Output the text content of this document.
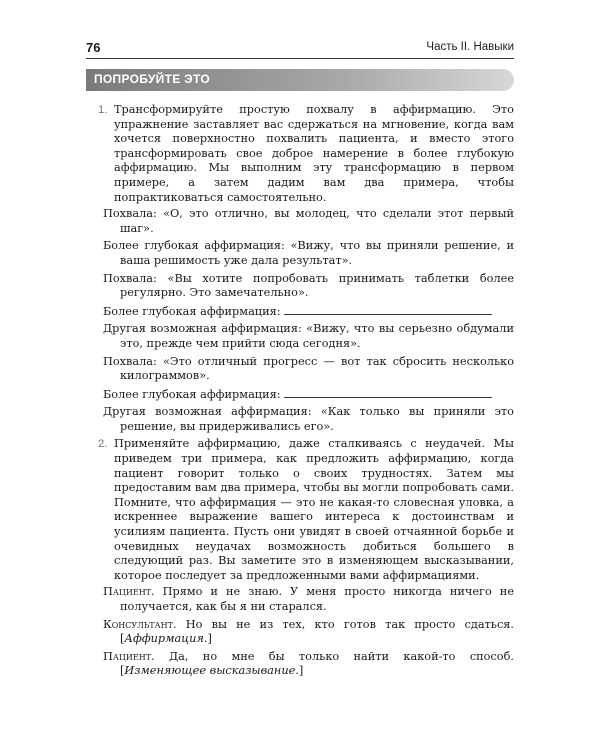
76	Часть II. Навыки
ПОПРОБУЙТЕ ЭТО
1. Трансформируйте простую похвалу в аффирмацию. Это упражнение заставляет вас сдержаться на мгновение, когда вам хочется поверхностно похвалить пациента, и вместо этого трансформировать свое доброе намерение в более глубокую аффирмацию. Мы выполним эту трансформацию в первом примере, а затем дадим вам два примера, чтобы попрактиковаться самостоятельно.

Похвала: «О, это отлично, вы молодец, что сделали этот первый шаг».

Более глубокая аффирмация: «Вижу, что вы приняли решение, и ваша решимость уже дала результат».

Похвала: «Вы хотите попробовать принимать таблетки более регулярно. Это замечательно».

Более глубокая аффирмация:

Другая возможная аффирмация: «Вижу, что вы серьезно обдумали это, прежде чем прийти сюда сегодня».

Похвала: «Это отличный прогресс — вот так сбросить несколько килограммов».

Более глубокая аффирмация:

Другая возможная аффирмация: «Как только вы приняли это решение, вы придерживались его».

2. Применяйте аффирмацию, даже сталкиваясь с неудачей. Мы приведем три примера, как предложить аффирмацию, когда пациент говорит только о своих трудностях. Затем мы предоставим вам два примера, чтобы вы могли попробовать сами. Помните, что аффирмация — это не какая-то словесная уловка, а искреннее выражение вашего интереса к достоинствам и усилиям пациента. Пусть они увидят в своей отчаянной борьбе и очевидных неудачах возможность добиться большего в следующий раз. Вы заметите это в изменяющем высказывании, которое последует за предложенными вами аффирмациями.

Пациент. Прямо и не знаю. У меня просто никогда ничего не получается, как бы я ни старался.

Консультант. Но вы не из тех, кто готов так просто сдаться. [Аффирмация.]

Пациент. Да, но мне бы только найти какой-то способ. [Изменяющее высказывание.]
